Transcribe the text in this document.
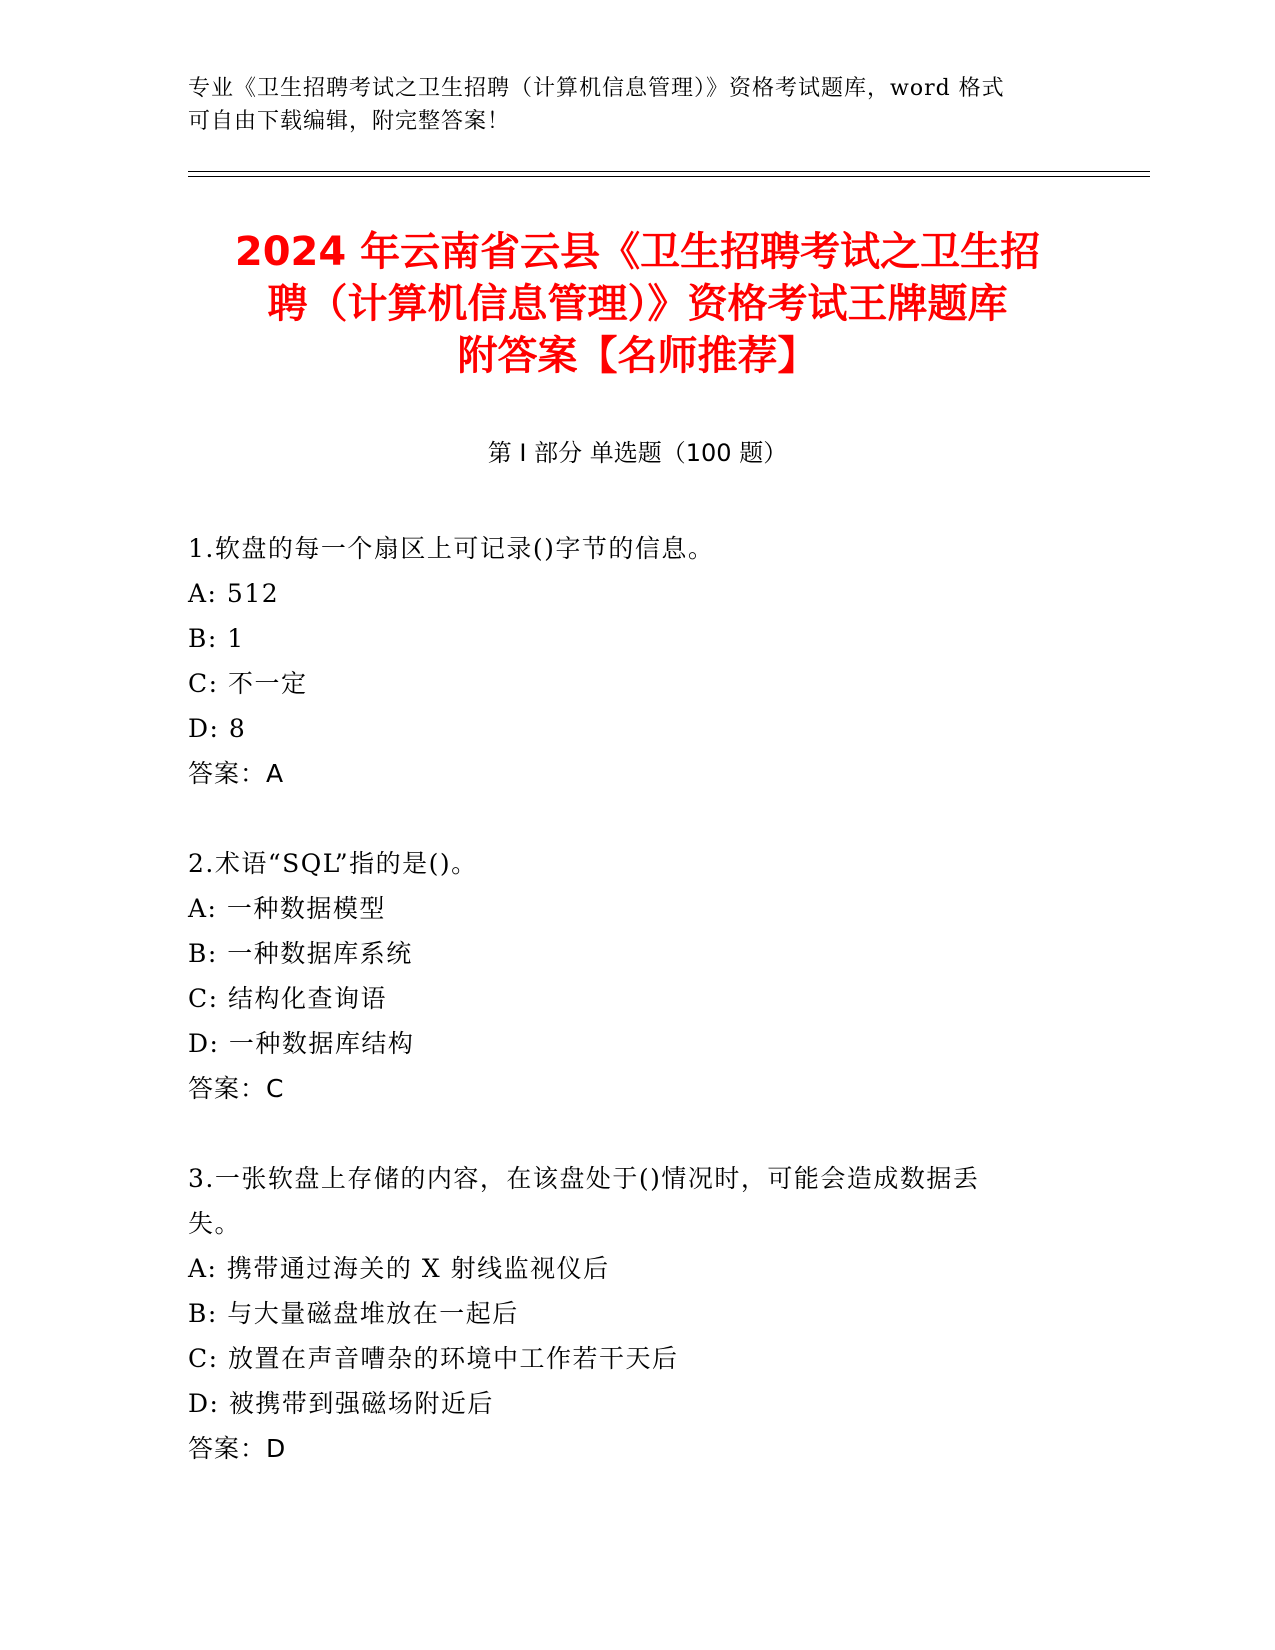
专业《卫生招聘考试之卫生招聘（计算机信息管理）》资格考试题库，word 格式
可自由下载编辑，附完整答案！
2024 年云南省云县《卫生招聘考试之卫生招
聘（计算机信息管理）》资格考试王牌题库
附答案【名师推荐】
第 I 部分 单选题（100 题）

1.软盘的每一个扇区上可记录()字节的信息。

A: 512

B: 1

C: 不一定

D: 8

答案：A

2.术语“SQL”指的是()。

A: 一种数据模型

B: 一种数据库系统

C: 结构化查询语

D: 一种数据库结构

答案：C

3.一张软盘上存储的内容，在该盘处于()情况时，可能会造成数据丢

失。

A: 携带通过海关的 X 射线监视仪后

B: 与大量磁盘堆放在一起后

C: 放置在声音嘈杂的环境中工作若干天后

D: 被携带到强磁场附近后

答案：D
